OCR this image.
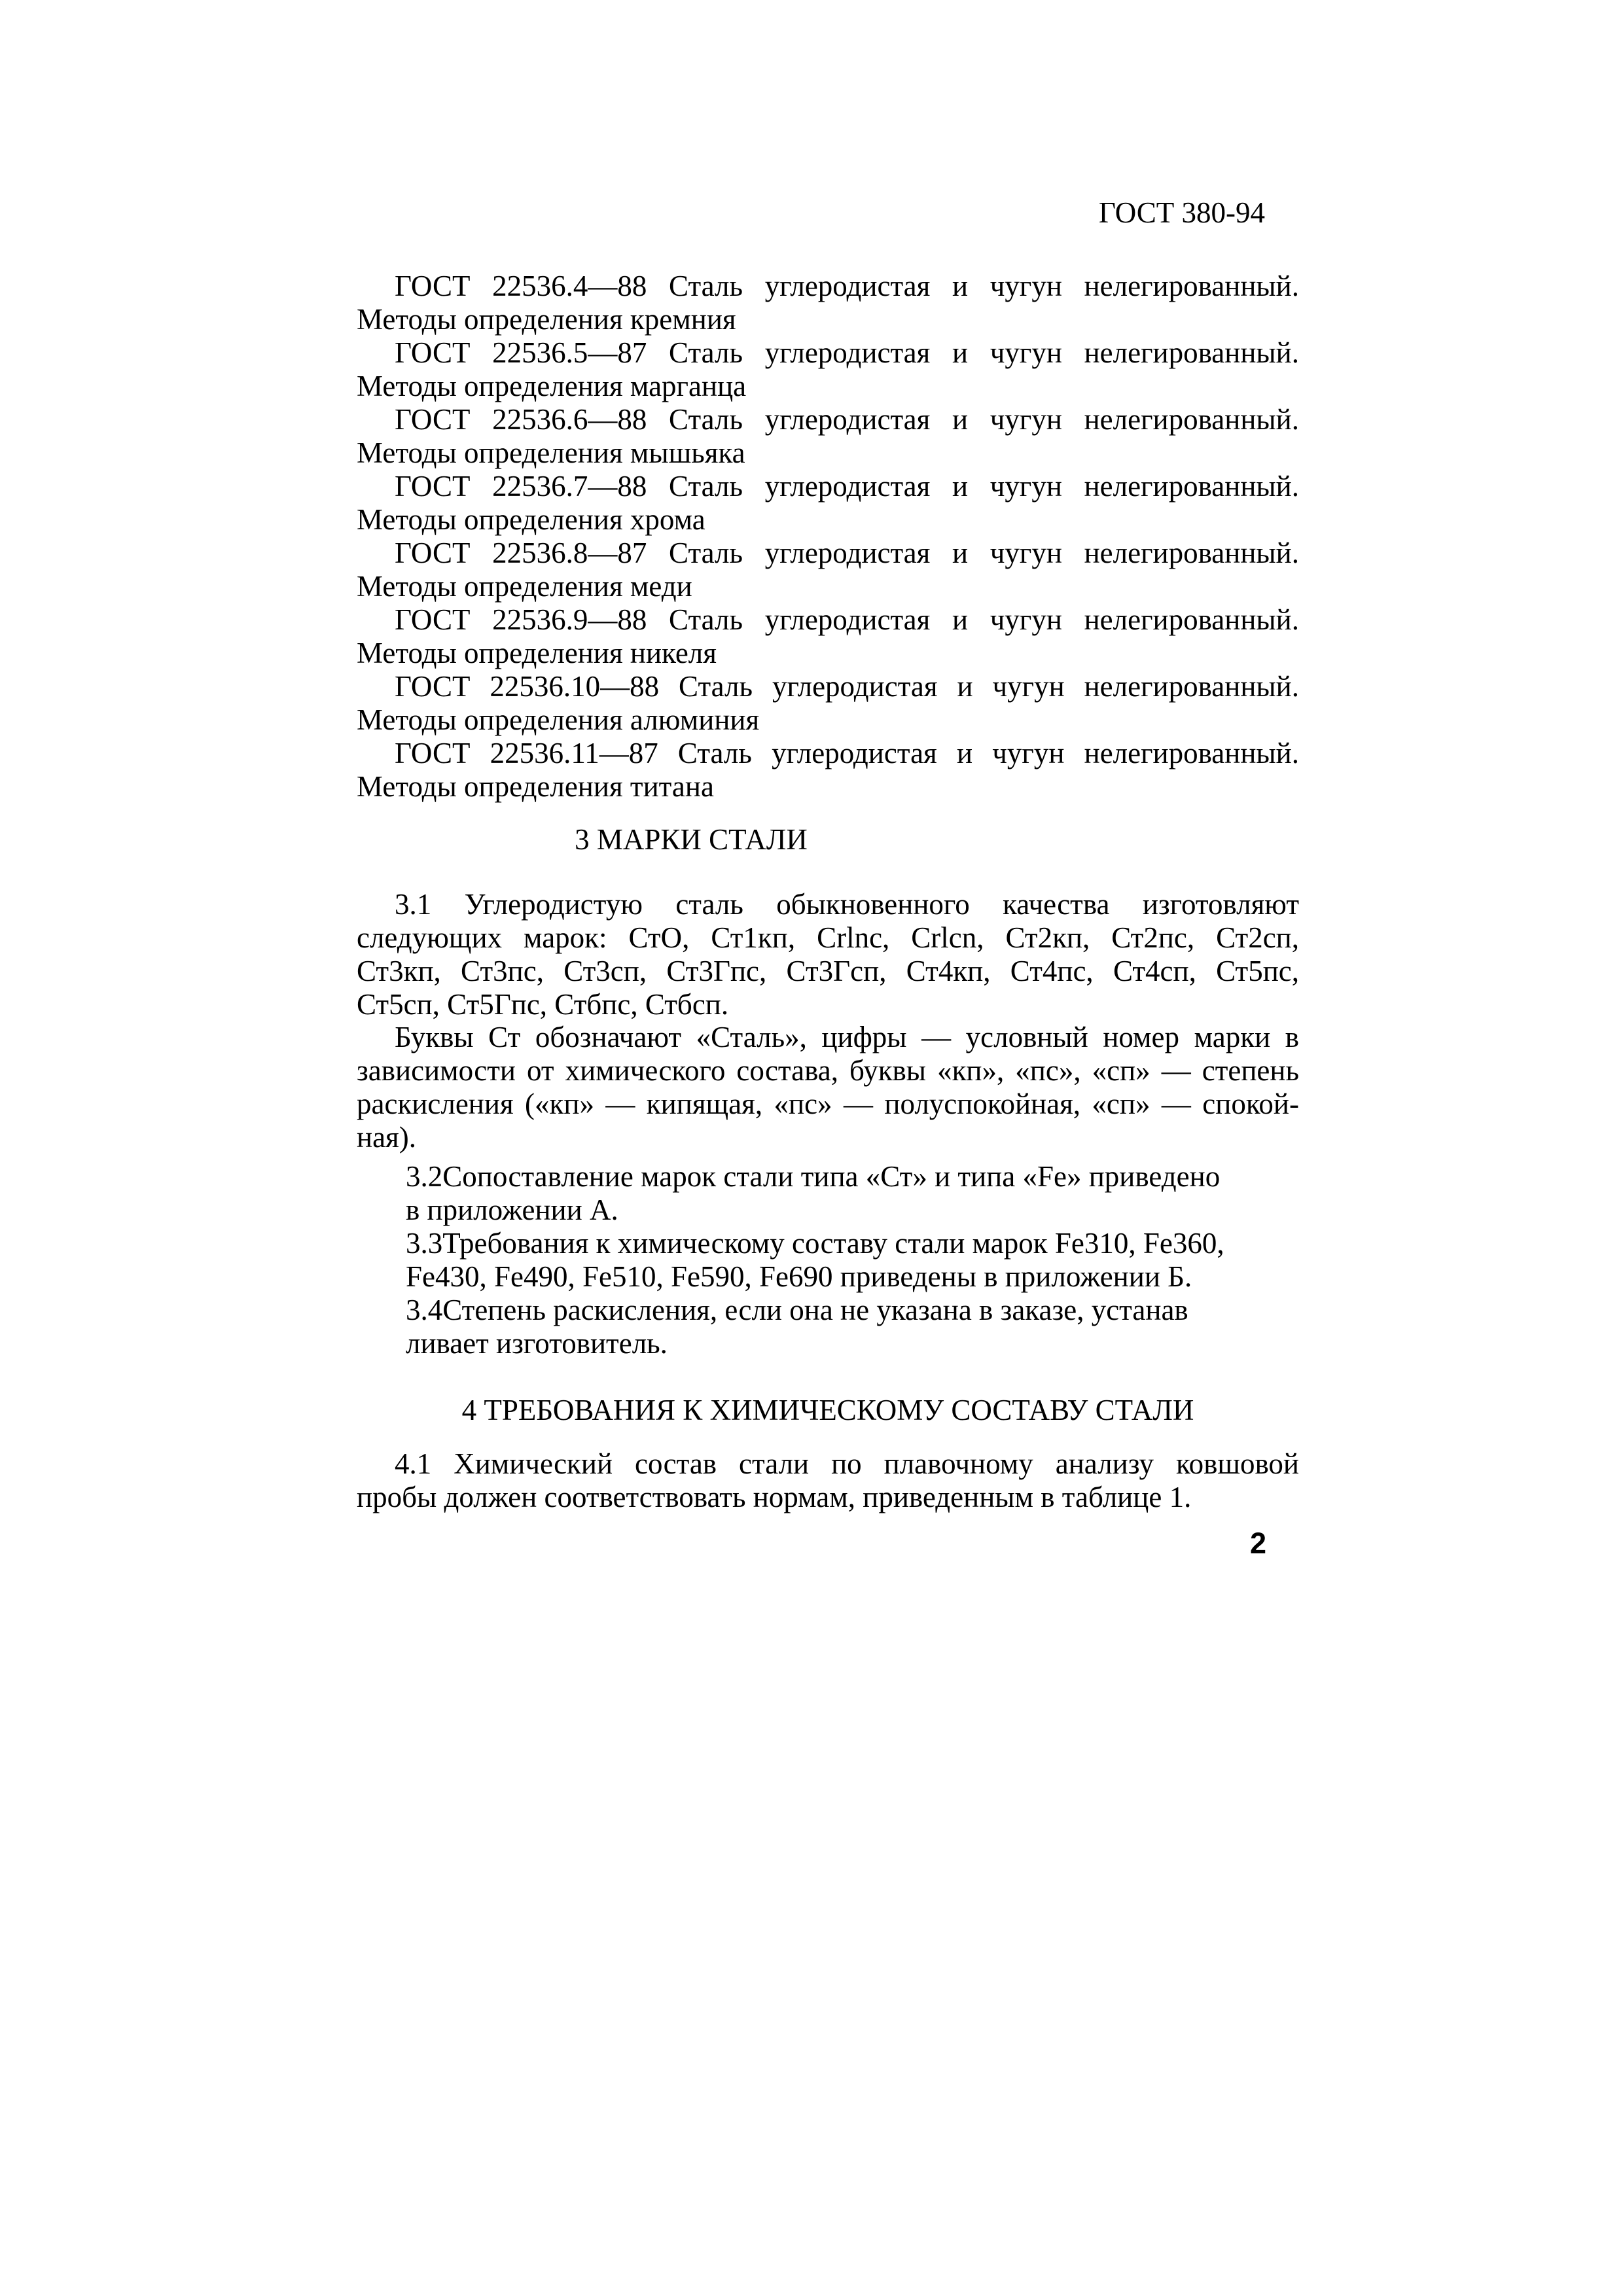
ГОСТ 380-94

ГОСТ 22536.4—88 Сталь углеродистая и чугун нелегированный.

Методы определения кремния

ГОСТ 22536.5—87 Сталь углеродистая и чугун нелегированный.

Методы определения марганца

ГОСТ 22536.6—88 Сталь углеродистая и чугун нелегированный.

Методы определения мышьяка

ГОСТ 22536.7—88 Сталь углеродистая и чугун нелегированный.

Методы определения хрома

ГОСТ 22536.8—87 Сталь углеродистая и чугун нелегированный.

Методы определения меди

ГОСТ 22536.9—88 Сталь углеродистая и чугун нелегированный.

Методы определения никеля

ГОСТ 22536.10—88 Сталь углеродистая и чугун нелегированный.

Методы определения алюминия

ГОСТ 22536.11—87 Сталь углеродистая и чугун нелегированный.

Методы определения титана

3 МАРКИ СТАЛИ

3.1 Углеродистую сталь обыкновенного качества изготовляют

следующих марок: СтО, Ст1кп, Crlnc, Crlcn, Ст2кп, Ст2пс, Ст2сп,

Ст3кп, Ст3пс, Ст3сп, Ст3Гпс, Ст3Гсп, Ст4кп, Ст4пс, Ст4сп, Ст5пс,

Ст5сп, Ст5Гпс, Стбпс, Стбсп.

Буквы Ст обозначают «Сталь», цифры — условный номер марки в

зависимости от химического состава, буквы «кп», «пс», «сп» — степень

раскисления («кп» — кипящая, «пс» — полуспокойная, «сп» — спокой-

ная).

3.2Сопоставление марок стали типа «Ст» и типа «Fe» приведено

в приложении А.

3.3Требования к химическому составу стали марок Fe310, Fe360,

Fe430, Fe490, Fe510, Fe590, Fe690 приведены в приложении Б.

3.4Степень раскисления, если она не указана в заказе, устанав

ливает изготовитель.

4 ТРЕБОВАНИЯ К ХИМИЧЕСКОМУ СОСТАВУ СТАЛИ

4.1 Химический состав стали по плавочному анализу ковшовой

пробы должен соответствовать нормам, приведенным в таблице 1.

2
